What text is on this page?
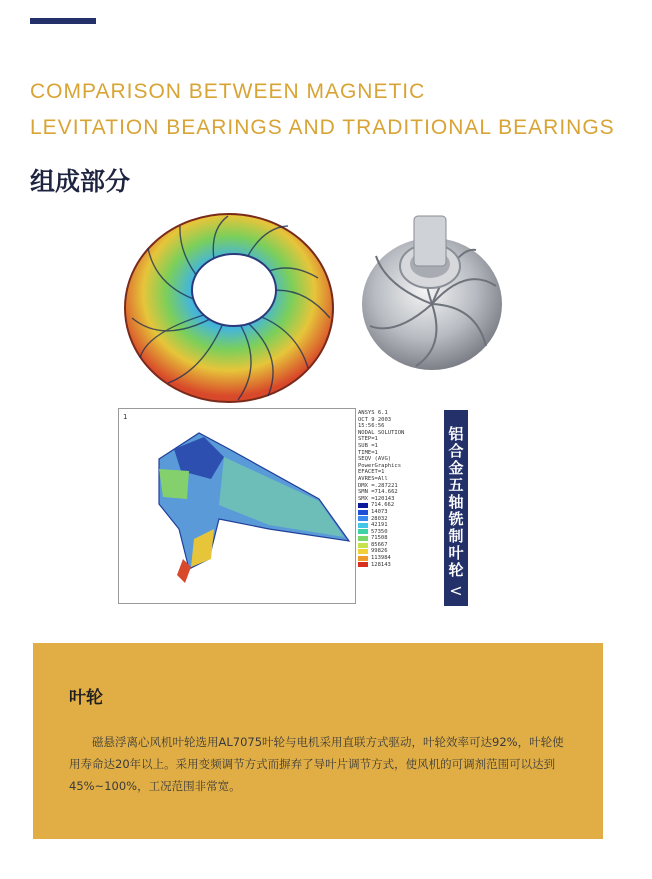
COMPARISON BETWEEN MAGNETIC
LEVITATION BEARINGS AND TRADITIONAL BEARINGS
组成部分
1	ANSYS 6.1
OCT 9 2003
15:56:56
NODAL SOLUTION
STEP=1
SUB =1
TIME=1
SEQV (AVG)
PowerGraphics
EFACET=1
AVRES=All
DMX =.287221
SMN =714.662
SMX =120143
714.662
14073
28032
42191
57350
71508
85667
99826
113984
128143	铝合金五轴铣制叶轮
<
叶轮
磁悬浮离心风机叶轮选用AL7075叶轮与电机采用直联方式驱动，叶轮效率可达92%，叶轮使用寿命达20年以上。采用变频调节方式而摒弃了导叶片调节方式，使风机的可调剂范围可以达到45%~100%，工况范围非常宽。
